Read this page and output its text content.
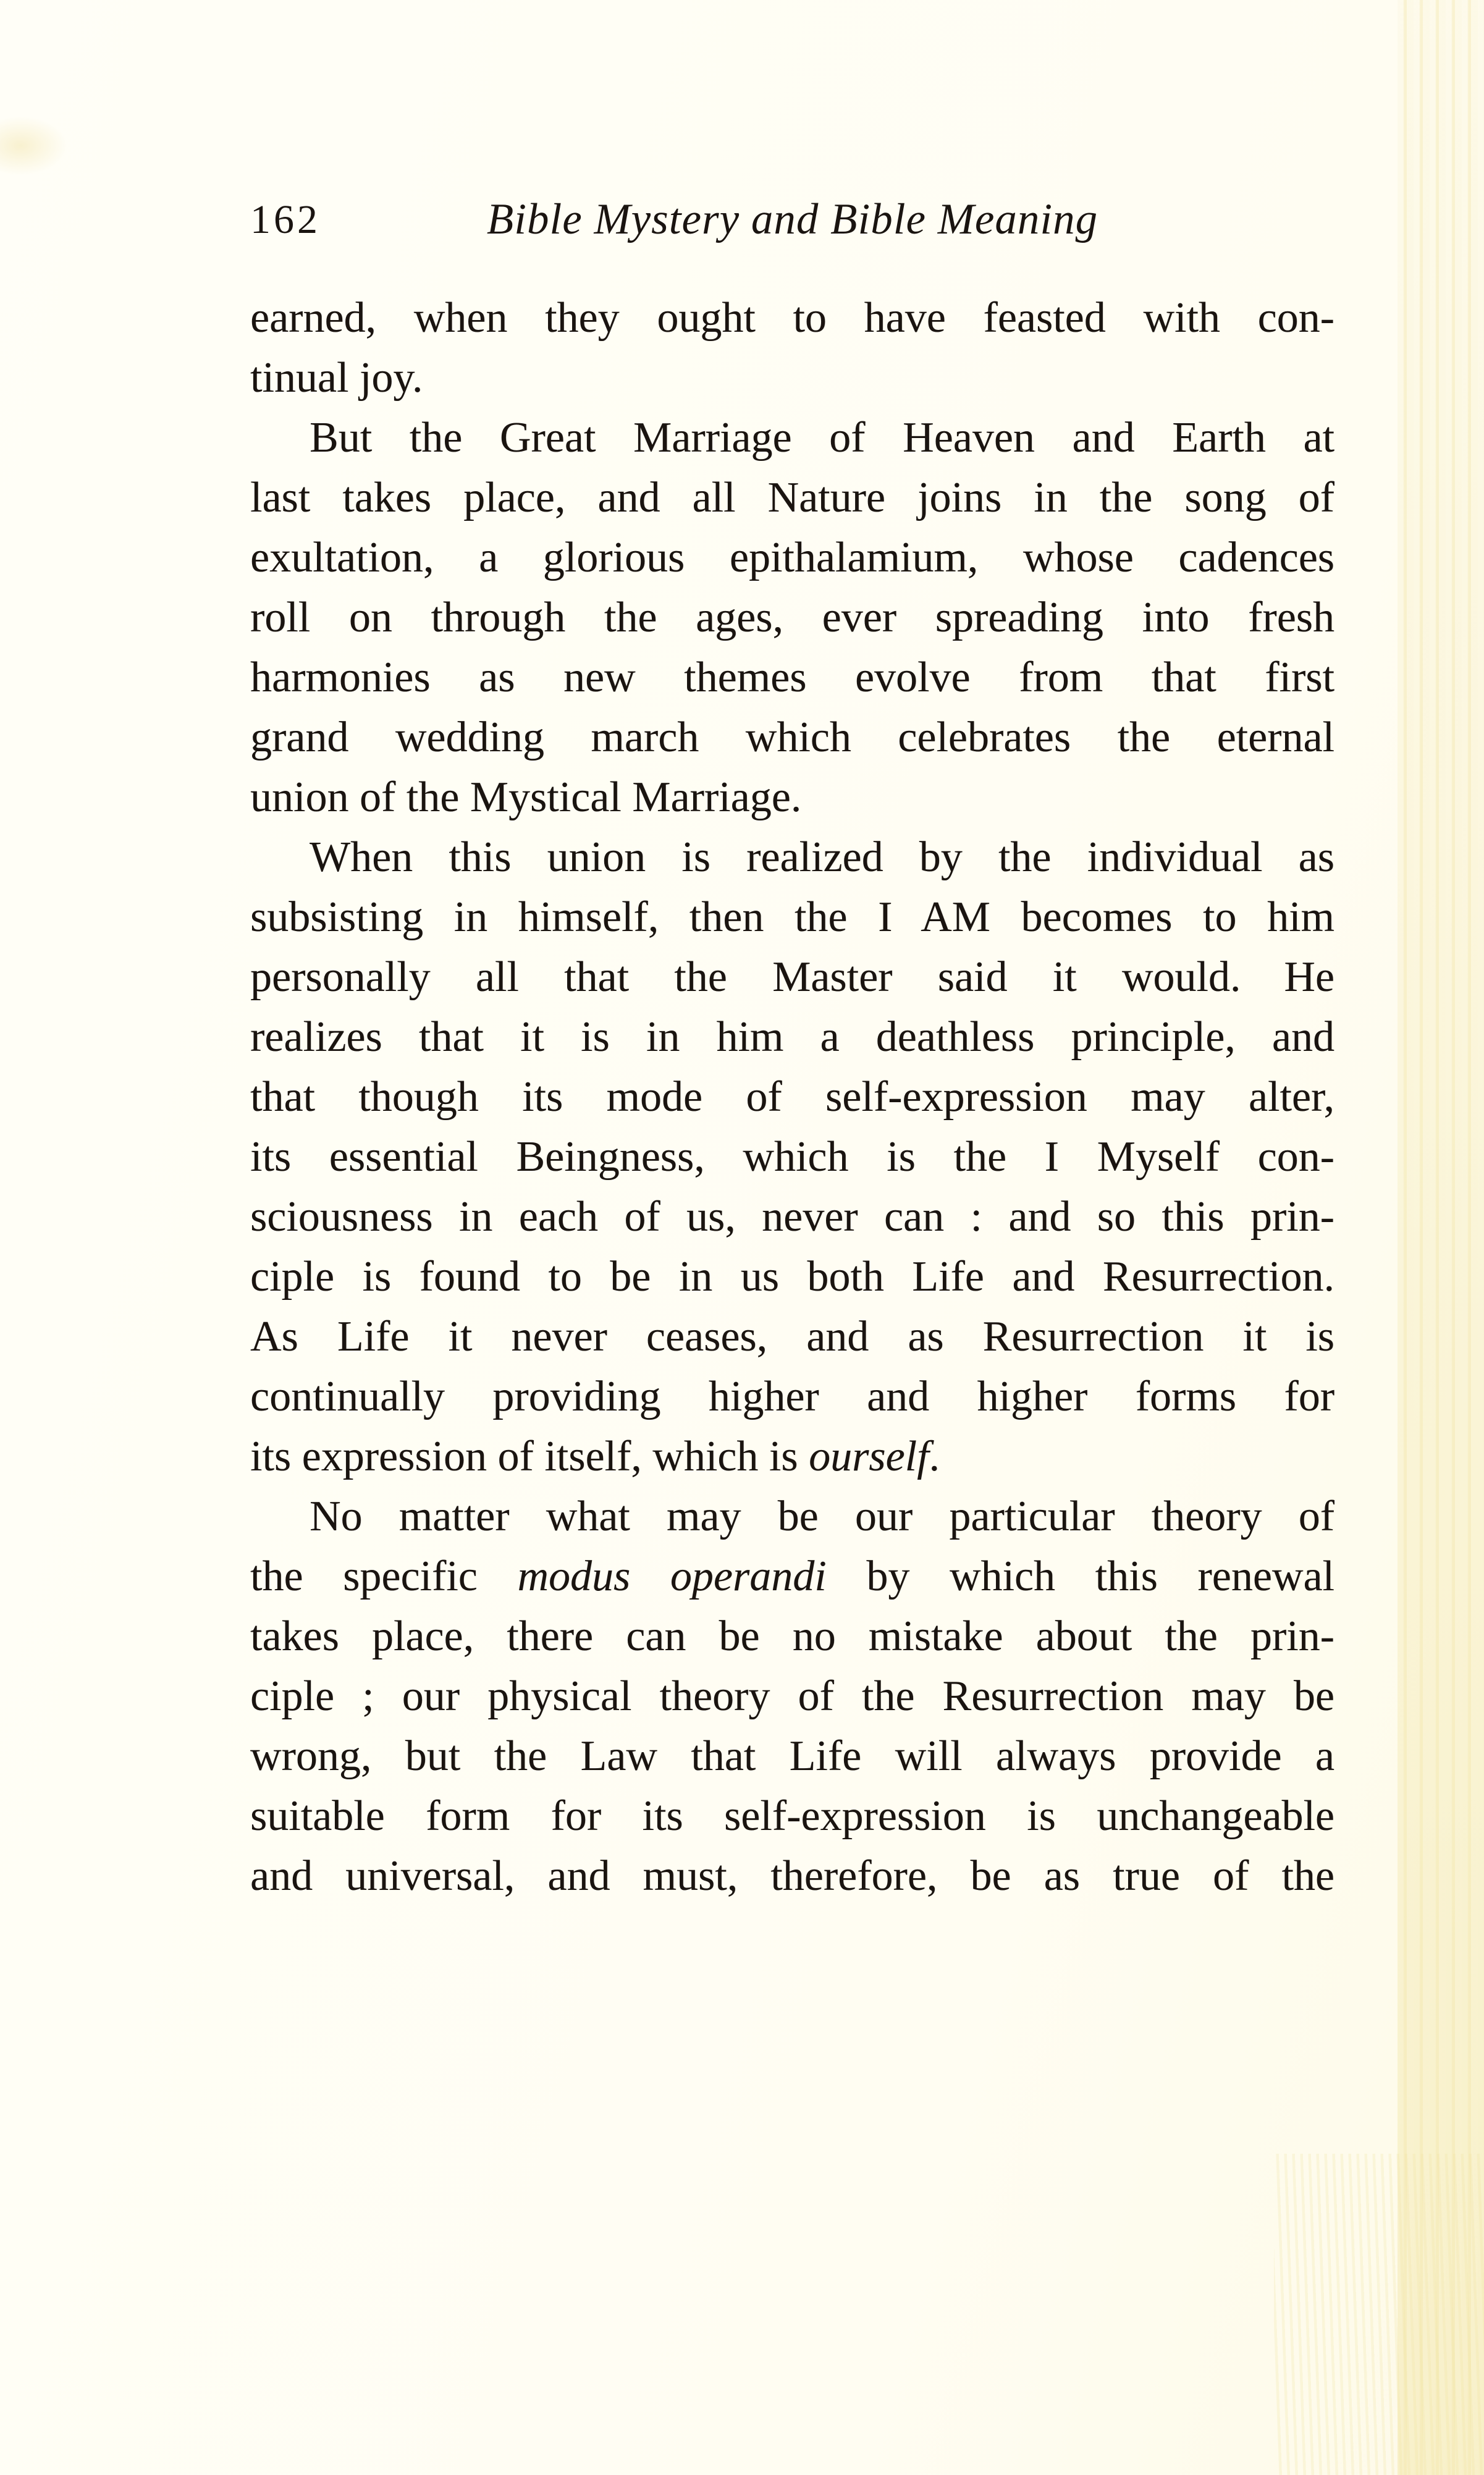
162	Bible Mystery and Bible Meaning
earned, when they ought to have feasted with con-
tinual joy.
But the Great Marriage of Heaven and Earth at
last takes place, and all Nature joins in the song of
exultation, a glorious epithalamium, whose cadences
roll on through the ages, ever spreading into fresh
harmonies as new themes evolve from that first
grand wedding march which celebrates the eternal
union of the Mystical Marriage.
When this union is realized by the individual as
subsisting in himself, then the I AM becomes to him
personally all that the Master said it would. He
realizes that it is in him a deathless principle, and
that though its mode of self-expression may alter,
its essential Beingness, which is the I Myself con-
sciousness in each of us, never can : and so this prin-
ciple is found to be in us both Life and Resurrection.
As Life it never ceases, and as Resurrection it is
continually providing higher and higher forms for
its expression of itself, which is ourself.
No matter what may be our particular theory of
the specific modus operandi by which this renewal
takes place, there can be no mistake about the prin-
ciple ; our physical theory of the Resurrection may be
wrong, but the Law that Life will always provide a
suitable form for its self-expression is unchangeable
and universal, and must, therefore, be as true of the
